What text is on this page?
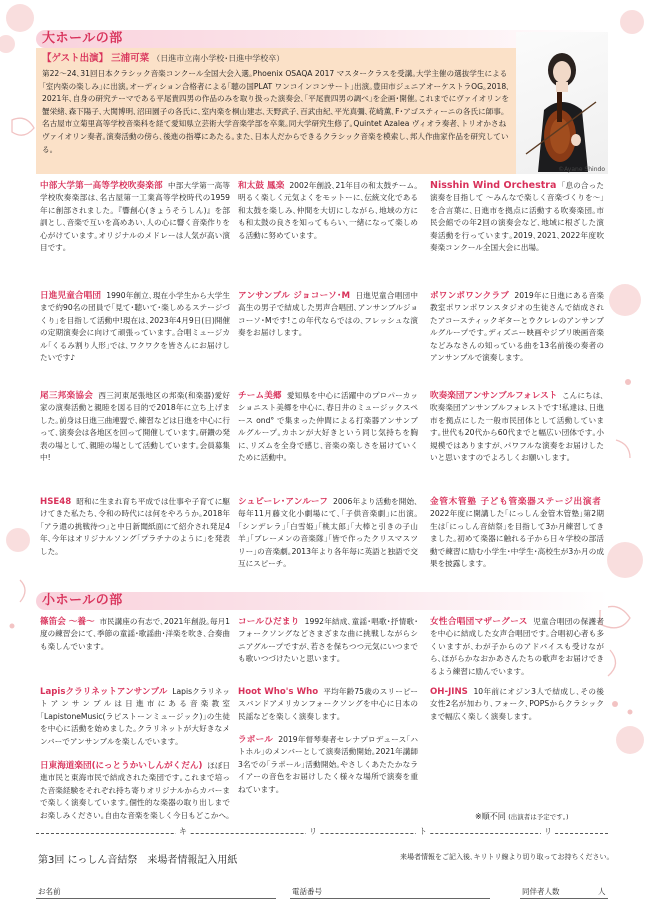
大ホールの部
【ゲスト出演】 三浦可菜 （日進市立南小学校･日進中学校卒）
第22～24､31回日本クラシック音楽コンクール全国大会入選｡Phoenix OSAQA 2017 マスタークラスを受講｡大学主催の選抜学生による｢室内楽の楽しみ｣に出演｡オーディション合格者による｢聴の国PLAT ワンコインコンサート｣出演｡豊田市ジュニアオーケストラOG｡2018､2021年､自身の研究テーマである平尾貴四男の作品のみを取り扱った演奏会､｢平尾貴四男の調べ｣を企画･開催｡これまでにヴァイオリンを蟹栄緒､森下陽子､大関博明､沼田園子の各氏に､室内楽を桐山建志､天野武子､百武由紀､平光真彌､花崎薫､F･アゴスティーニの各氏に師事｡名古屋市立菊里高等学校音楽科を経て愛知県立芸術大学音楽学部を卒業｡同大学研究生修了｡Quintet Azalea ヴィオラ奏者､トリオかさね ヴァイオリン奏者｡演奏活動の傍ら､後進の指導にあたる｡また､日本人だからできるクラシック音楽を模索し､邦人作曲家作品を研究している｡
©Ayane Shindo
中部大学第一高等学校吹奏楽部 中部大学第一高等学校吹奏楽部は､名古屋第一工業高等学校時代の1959年に創部されました｡『響創心(きょうそうしん)』を部訓とし､音楽で互いを高めあい､人の心に響く音楽作りを心がけています｡オリジナルのメドレーは人気が高い演目です｡
日進児童合唱団 1990年創立､現在小学生から大学生まで約90名の団員で｢見て･聴いて･楽しめるステージづくり｣を目指して活動中!現在は､2023年4月9日(日)開催の定期演奏会に向けて頑張っています｡合唱ミュージカル｢くるみ割り人形｣では､ワクワクを皆さんにお届けしたいです♪
尾三邦楽協会 西三河東尾張地区の邦楽(和楽器)愛好家の演奏活動と親睦を図る目的で2018年に立ち上げました｡前身は日進三曲連盟で､練習などは日進を中心に行って､演奏会は各地区を回って開催しています｡研鑽の発表の場として､親睦の場として活動しています｡会員募集中!
HSE48 昭和に生まれ育ち平成では仕事や子育てに駆けてきた私たち､令和の時代には何をやろうか｡2018年｢アラ還の挑戦待つ｣と中日新聞紙面にて紹介され発足4年､今年はオリジナルソング｢プラチナのように｣を発表した｡
和太鼓 鳳楽 2002年創設､21年目の和太鼓チーム｡明るく楽しく元気よくをモットーに､伝統文化である和太鼓を楽しみ､仲間を大切にしながら､地域の方にも和太鼓の良さを知ってもらい､一緒になって楽しめる活動に努めています｡
アンサンブル ジョコーソ･M 日進児童合唱団中高生の男子で結成した男声合唱団､アンサンブルジョコーソ･Mです!この年代ならではの､フレッシュな演奏をお届けします｡
チーム美郷 愛知県を中心に活躍中のプロパーカッショニスト美郷を中心に､春日井のミュージックスペース ond° で集まった仲間による打楽器アンサンブルグループ｡カホンが大好きという同じ気持ちを胸に､リズムを全身で感じ､音楽の楽しさを届けていくために活動中｡
シュピーレ･アンルーフ 2006年より活動を開始､毎年11月藤文化小劇場にて､｢子供音楽劇｣に出演｡｢シンデレラ｣｢白雪姫｣｢桃太郎｣｢大棒と引きの子山羊｣｢ブレーメンの音楽隊｣｢皆で作ったクリスマスツリー｣の音楽劇｡2013年より各年毎に英語と独語で交互にスピーチ｡
Nisshin Wind Orchestra ｢息の合った演奏を目指して ～みんなで楽しく音楽づくりを～｣を合言葉に､日進市を拠点に活動する吹奏楽団｡市民会館での年2回の演奏会など､地域に根ざした演奏活動を行っています｡2019､2021､2022年度吹奏楽コンクール全国大会に出場｡
ポワンポワンクラブ 2019年に日進にある音楽教室ポワンポワンスタジオの生徒さんで結成されたアコースティックギターとウクレレのアンサンブルグループです｡ディズニー映画やジブリ映画音楽などみなさんの知っている曲を13名前後の奏者のアンサンブルで演奏します｡
吹奏楽団アンサンブルフォレスト こんにちは､吹奏楽団アンサンブルフォレストです!私達は､日進市を拠点にした一般市民団体として活動しています｡世代も20代から60代までと幅広い団体です｡小規模ではありますが､パワフルな演奏をお届けしたいと思いますのでよろしくお願いします｡
金管木管塾 子ども管楽器ステージ出演者  2022年度に開講した｢にっしん金管木管塾｣第2期生は｢にっしん音結祭｣を目指して3か月練習してきました｡初めて楽器に触れる子から日々学校の部活動で練習に励む小学生･中学生･高校生が3か月の成果を披露します｡
小ホールの部
篠笛会 ～養～ 市民講座の有志で､2021年創設｡毎月1度の練習会にて､季節の童謡･歌謡曲･洋楽を吹き､合奏曲も楽しんでいます｡
Lapisクラリネットアンサンブル Lapisクラリネットアンサンブルは日進市にある音楽教室｢LapistoneMusic(ラピストーンミュージック)｣の生徒を中心に活動を始めました｡クラリネットが大好きなメンバーでアンサンブルを楽しんでいます｡
日東海道楽団(にっとうかいしんがくだん) ほぼ日進市民と東海市民で結成された楽団です｡これまで培った音楽経験をそれぞれ持ち寄りオリジナルからカバーまで楽しく演奏しています｡個性的な楽器の取り出しまでお楽しみください｡自由な音楽を楽しく今日もどこかへ｡
コールひだまり 1992年結成､童謡･唱歌･抒情歌･フォークソングなどさまざまな曲に挑戦しながらシニアグループですが､若さを保ちつつ元気にいつまでも歌いつづけたいと思います｡
Hoot Who's Who 平均年齢75歳のスリーピースバンドアメリカンフォークソングを中心に日本の民謡などを楽しく演奏します｡
ラポール 2019年督琴奏者セレナプロデュース｢ハトホル｣のメンバーとして演奏活動開始｡2021年講師3名での｢ラポール｣活動開始｡やさしくあたたかなライアーの音色をお届けしたく様々な場所で演奏を重ねています｡
女性合唱団マザーグース 児童合唱団の保護者を中心に結成した女声合唱団です｡合唱初心者も多くいますが､わが子からのアドバイスも受けながら､ほがらかなおかあさんたちの歌声をお届けできるよう練習に励んでいます｡
OH-JINS 10年前にオジン3人で結成し､その後女性2名が加わり､フォーク､POPSからクラシックまで幅広く楽しく演奏します｡
※順不同 (出演者は予定です｡)
キ	リ	ト	リ
第3回 にっしん音結祭　来場者情報記入用紙	来場者情報をご記入後､キリトリ線より切り取ってお持ちください｡
お名前	電話番号	同伴者人数	人
